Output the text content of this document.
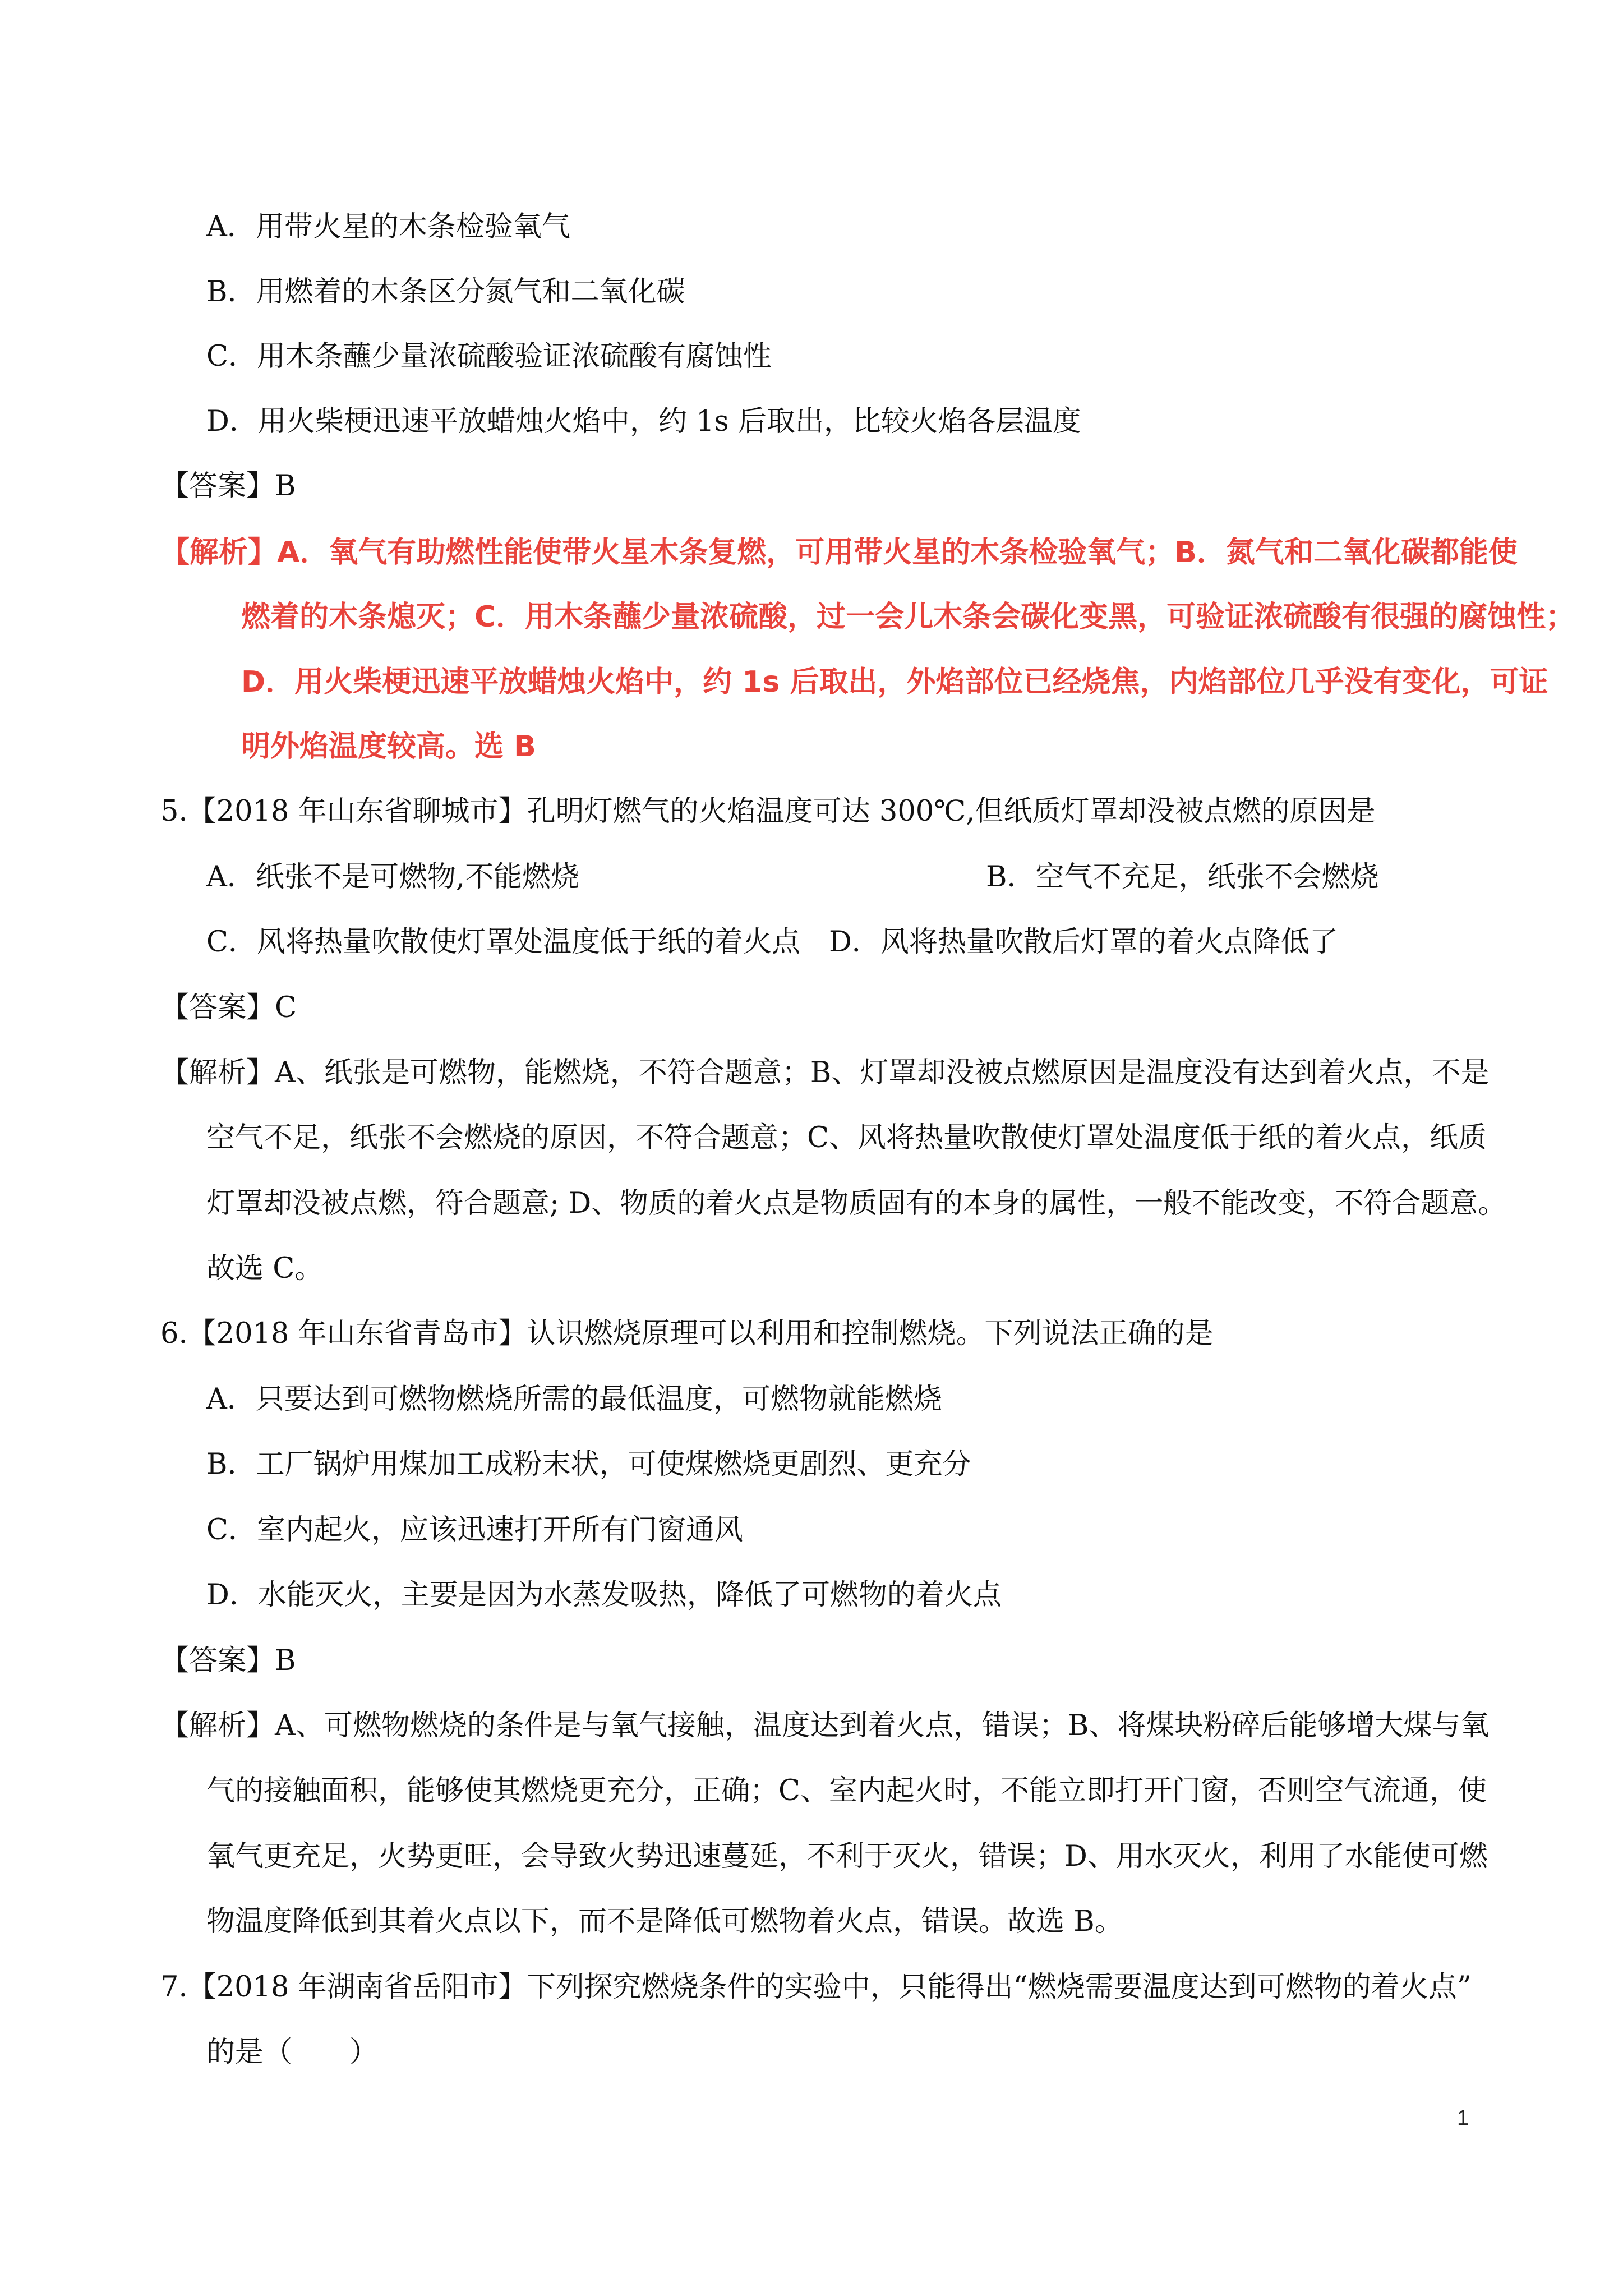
A．用带火星的木条检验氧气
B．用燃着的木条区分氮气和二氧化碳
C．用木条蘸少量浓硫酸验证浓硫酸有腐蚀性
D．用火柴梗迅速平放蜡烛火焰中，约 1s 后取出，比较火焰各层温度
【答案】B
【解析】A．氧气有助燃性能使带火星木条复燃，可用带火星的木条检验氧气；B．氮气和二氧化碳都能使
燃着的木条熄灭；C．用木条蘸少量浓硫酸，过一会儿木条会碳化变黑，可验证浓硫酸有很强的腐蚀性；
D．用火柴梗迅速平放蜡烛火焰中，约 1s 后取出，外焰部位已经烧焦，内焰部位几乎没有变化，可证
明外焰温度较高。选 B
5.【2018 年山东省聊城市】孔明灯燃气的火焰温度可达 300℃,但纸质灯罩却没被点燃的原因是
A．纸张不是可燃物,不能燃烧	B．空气不充足，纸张不会燃烧
C．风将热量吹散使灯罩处温度低于纸的着火点　D．风将热量吹散后灯罩的着火点降低了
【答案】C
【解析】A、纸张是可燃物，能燃烧，不符合题意；B、灯罩却没被点燃原因是温度没有达到着火点，不是
空气不足，纸张不会燃烧的原因，不符合题意；C、风将热量吹散使灯罩处温度低于纸的着火点，纸质
灯罩却没被点燃，符合题意; D、物质的着火点是物质固有的本身的属性，一般不能改变，不符合题意。
故选 C。
6.【2018 年山东省青岛市】认识燃烧原理可以利用和控制燃烧。下列说法正确的是
A．只要达到可燃物燃烧所需的最低温度，可燃物就能燃烧
B．工厂锅炉用煤加工成粉末状，可使煤燃烧更剧烈、更充分
C．室内起火，应该迅速打开所有门窗通风
D．水能灭火，主要是因为水蒸发吸热，降低了可燃物的着火点
【答案】B
【解析】A、可燃物燃烧的条件是与氧气接触，温度达到着火点，错误；B、将煤块粉碎后能够增大煤与氧
气的接触面积，能够使其燃烧更充分，正确；C、室内起火时，不能立即打开门窗，否则空气流通，使
氧气更充足，火势更旺，会导致火势迅速蔓延，不利于灭火，错误；D、用水灭火，利用了水能使可燃
物温度降低到其着火点以下，而不是降低可燃物着火点，错误。故选 B。
7.【2018 年湖南省岳阳市】下列探究燃烧条件的实验中，只能得出“燃烧需要温度达到可燃物的着火点”
的是（　　）
1
